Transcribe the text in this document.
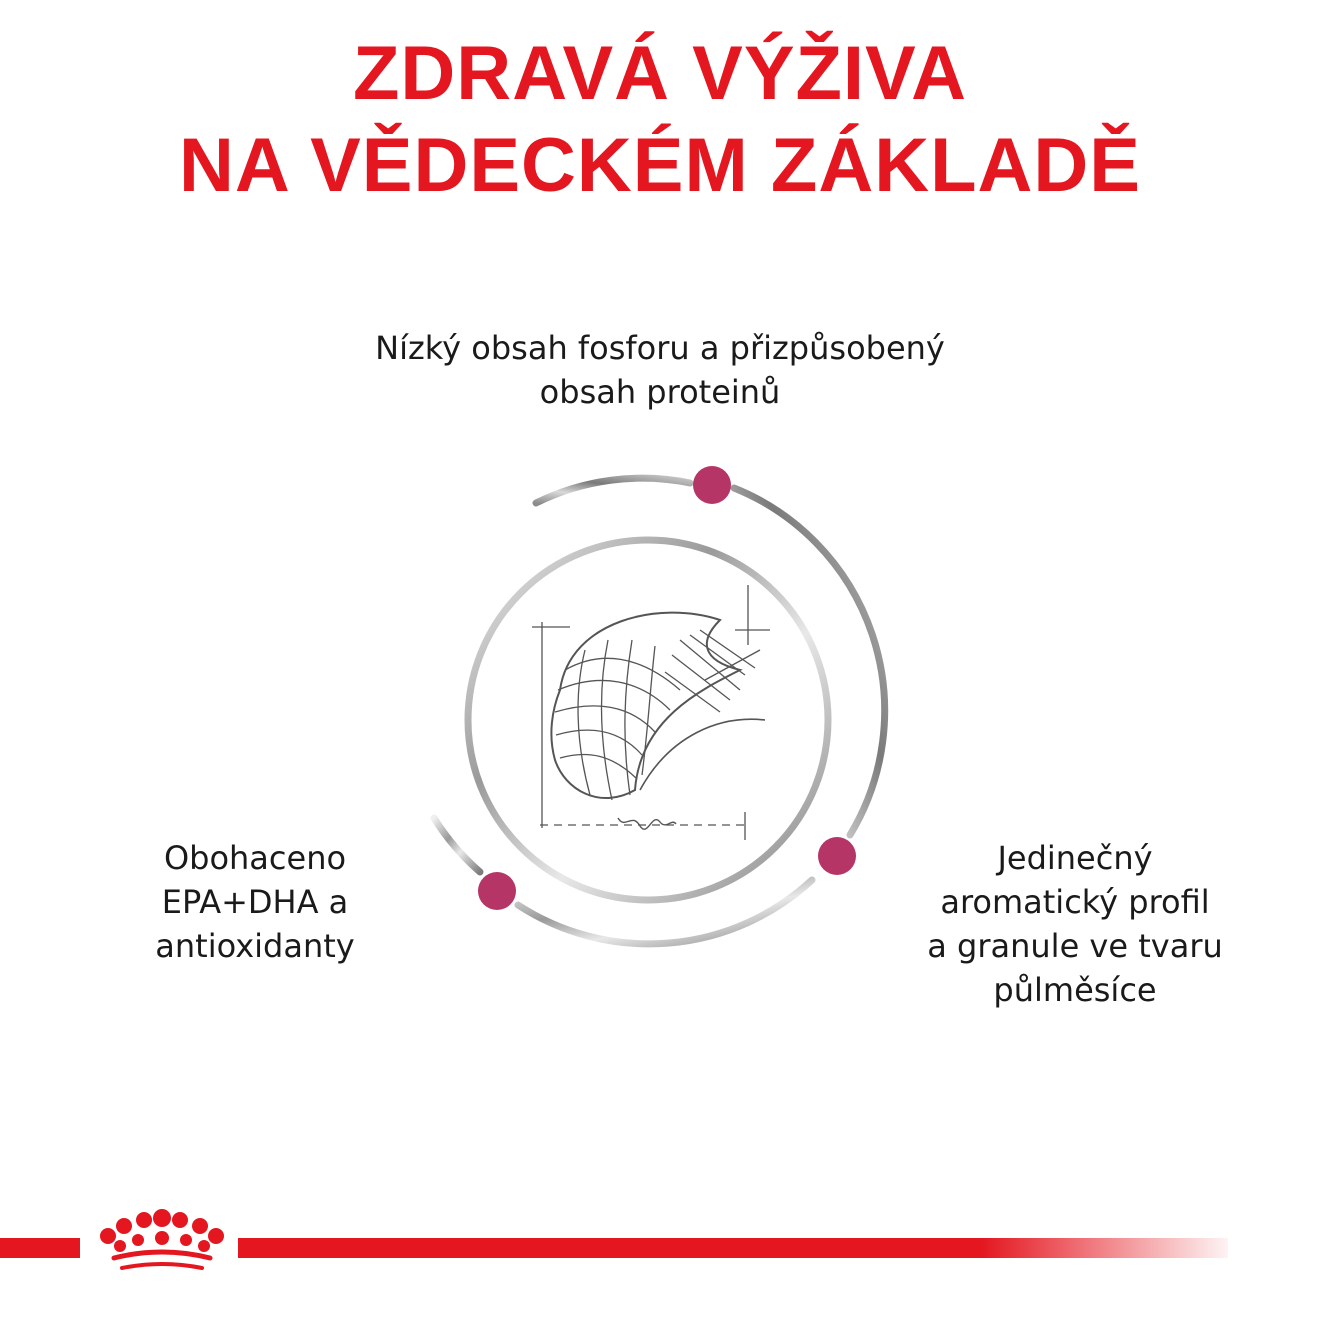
ZDRAVÁ VÝŽIVA
NA VĚDECKÉM ZÁKLADĚ
Nízký obsah fosforu a přizpůsobený
obsah proteinů
Obohaceno
EPA+DHA a
antioxidanty
Jedinečný
aromatický profil
a granule ve tvaru
půlměsíce
